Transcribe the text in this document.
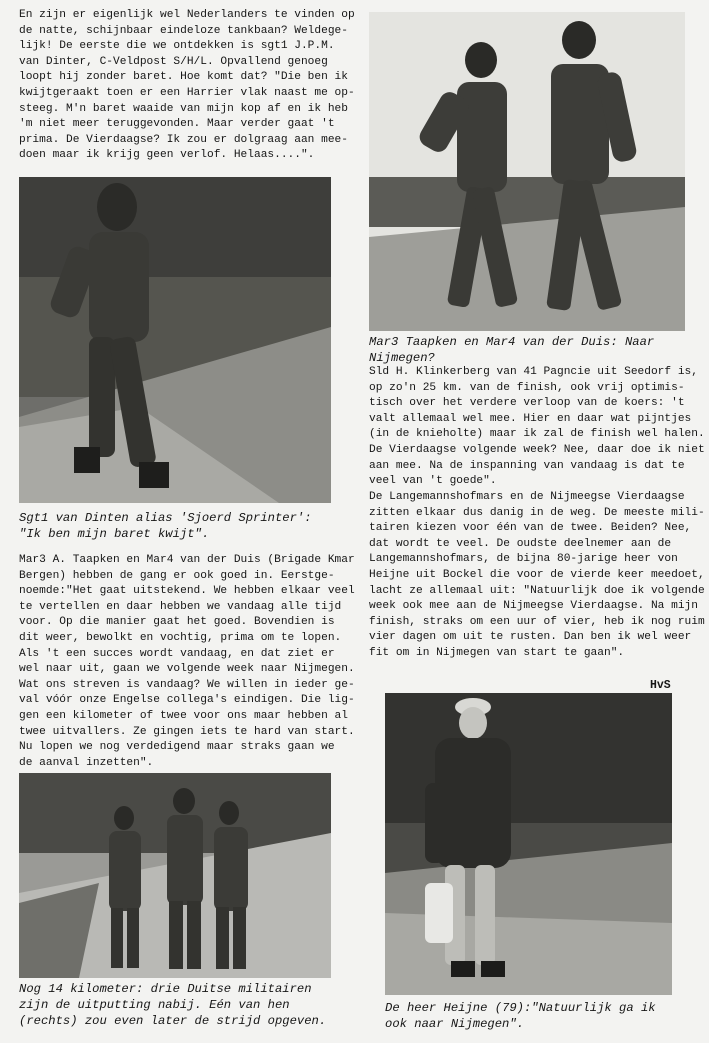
En zijn er eigenlijk wel Nederlanders te vinden op
de natte, schijnbaar eindeloze tankbaan? Weldege-
lijk! De eerste die we ontdekken is sgt1 J.P.M.
van Dinter, C-Veldpost S/H/L. Opvallend genoeg
loopt hij zonder baret. Hoe komt dat? "Die ben ik
kwijtgeraakt toen er een Harrier vlak naast me op-
steeg. M'n baret waaide van mijn kop af en ik heb
'm niet meer teruggevonden. Maar verder gaat 't
prima. De Vierdaagse? Ik zou er dolgraag aan mee-
doen maar ik krijg geen verlof. Helaas....".

Sgt1 van Dinten alias 'Sjoerd Sprinter':
"Ik ben mijn baret kwijt".

Mar3 A. Taapken en Mar4 van der Duis (Brigade Kmar
Bergen) hebben de gang er ook goed in. Eerstge-
noemde:"Het gaat uitstekend. We hebben elkaar veel
te vertellen en daar hebben we vandaag alle tijd
voor. Op die manier gaat het goed. Bovendien is
dit weer, bewolkt en vochtig, prima om te lopen.
Als 't een succes wordt vandaag, en dat ziet er
wel naar uit, gaan we volgende week naar Nijmegen.
Wat ons streven is vandaag? We willen in ieder ge-
val vóór onze Engelse collega's eindigen. Die lig-
gen een kilometer of twee voor ons maar hebben al
twee uitvallers. Ze gingen iets te hard van start.
Nu lopen we nog verdedigend maar straks gaan we
de aanval inzetten".

Nog 14 kilometer: drie Duitse militairen
zijn de uitputting nabij. Eén van hen
(rechts) zou even later de strijd opgeven.

Mar3 Taapken en Mar4 van der Duis: Naar
Nijmegen?

Sld H. Klinkerberg van 41 Pagncie uit Seedorf is,
op zo'n 25 km. van de finish, ook vrij optimis-
tisch over het verdere verloop van de koers: 't
valt allemaal wel mee. Hier en daar wat pijntjes
(in de knieholte) maar ik zal de finish wel halen.
De Vierdaagse volgende week? Nee, daar doe ik niet
aan mee. Na de inspanning van vandaag is dat te
veel van 't goede".

De Langemannshofmars en de Nijmeegse Vierdaagse
zitten elkaar dus danig in de weg. De meeste mili-
tairen kiezen voor één van de twee. Beiden? Nee,
dat wordt te veel. De oudste deelnemer aan de
Langemannshofmars, de bijna 80-jarige heer von
Heijne uit Bockel die voor de vierde keer meedoet,
lacht ze allemaal uit: "Natuurlijk doe ik volgende
week ook mee aan de Nijmeegse Vierdaagse. Na mijn
finish, straks om een uur of vier, heb ik nog ruim
vier dagen om uit te rusten. Dan ben ik wel weer
fit om in Nijmegen van start te gaan".

HvS

De heer Heijne (79):"Natuurlijk ga ik
ook naar Nijmegen".
